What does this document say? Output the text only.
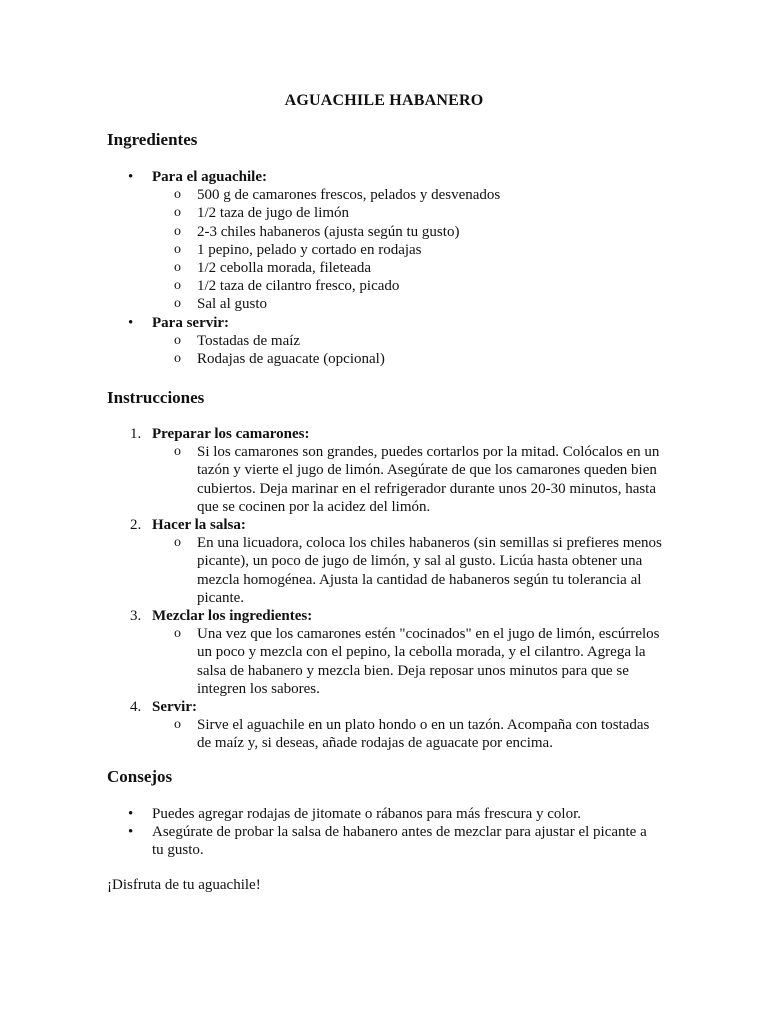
AGUACHILE HABANERO
Ingredientes
• Para el aguachile:
o 500 g de camarones frescos, pelados y desvenados
o 1/2 taza de jugo de limón
o 2-3 chiles habaneros (ajusta según tu gusto)
o 1 pepino, pelado y cortado en rodajas
o 1/2 cebolla morada, fileteada
o 1/2 taza de cilantro fresco, picado
o Sal al gusto
• Para servir:
o Tostadas de maíz
o Rodajas de aguacate (opcional)
Instrucciones
1. Preparar los camarones:
o Si los camarones son grandes, puedes cortarlos por la mitad. Colócalos en un tazón y vierte el jugo de limón. Asegúrate de que los camarones queden bien cubiertos. Deja marinar en el refrigerador durante unos 20-30 minutos, hasta que se cocinen por la acidez del limón.
2. Hacer la salsa:
o En una licuadora, coloca los chiles habaneros (sin semillas si prefieres menos picante), un poco de jugo de limón, y sal al gusto. Licúa hasta obtener una mezcla homogénea. Ajusta la cantidad de habaneros según tu tolerancia al picante.
3. Mezclar los ingredientes:
o Una vez que los camarones estén "cocinados" en el jugo de limón, escúrrelos un poco y mezcla con el pepino, la cebolla morada, y el cilantro. Agrega la salsa de habanero y mezcla bien. Deja reposar unos minutos para que se integren los sabores.
4. Servir:
o Sirve el aguachile en un plato hondo o en un tazón. Acompaña con tostadas de maíz y, si deseas, añade rodajas de aguacate por encima.
Consejos
• Puedes agregar rodajas de jitomate o rábanos para más frescura y color.
• Asegúrate de probar la salsa de habanero antes de mezclar para ajustar el picante a tu gusto.
¡Disfruta de tu aguachile!
